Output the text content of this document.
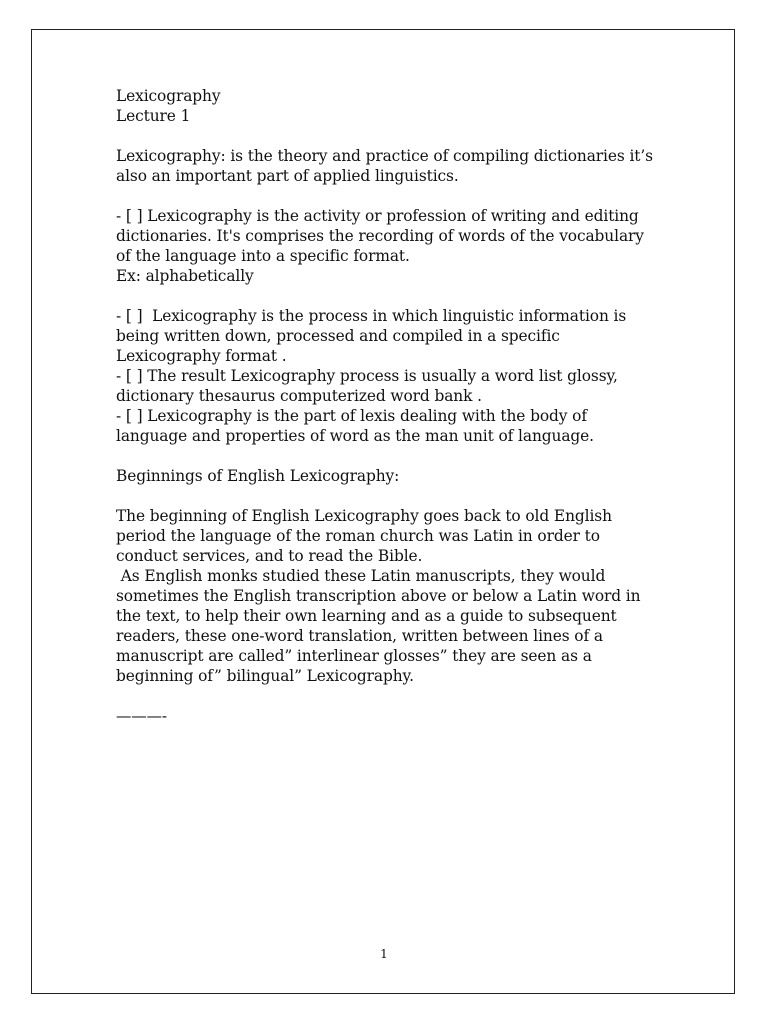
Lexicography
Lecture 1
Lexicography: is the theory and practice of compiling dictionaries it’s
also an important part of applied linguistics.
- [ ] Lexicography is the activity or profession of writing and editing
dictionaries. It's comprises the recording of words of the vocabulary
of the language into a specific format.
Ex: alphabetically
- [ ]  Lexicography is the process in which linguistic information is
being written down, processed and compiled in a specific
Lexicography format .
- [ ] The result Lexicography process is usually a word list glossy,
dictionary thesaurus computerized word bank .
- [ ] Lexicography is the part of lexis dealing with the body of
language and properties of word as the man unit of language.
Beginnings of English Lexicography:
The beginning of English Lexicography goes back to old English
period the language of the roman church was Latin in order to
conduct services, and to read the Bible.
As English monks studied these Latin manuscripts, they would
sometimes the English transcription above or below a Latin word in
the text, to help their own learning and as a guide to subsequent
readers, these one-word translation, written between lines of a
manuscript are called” interlinear glosses” they are seen as a
beginning of” bilingual” Lexicography.
———-
1
